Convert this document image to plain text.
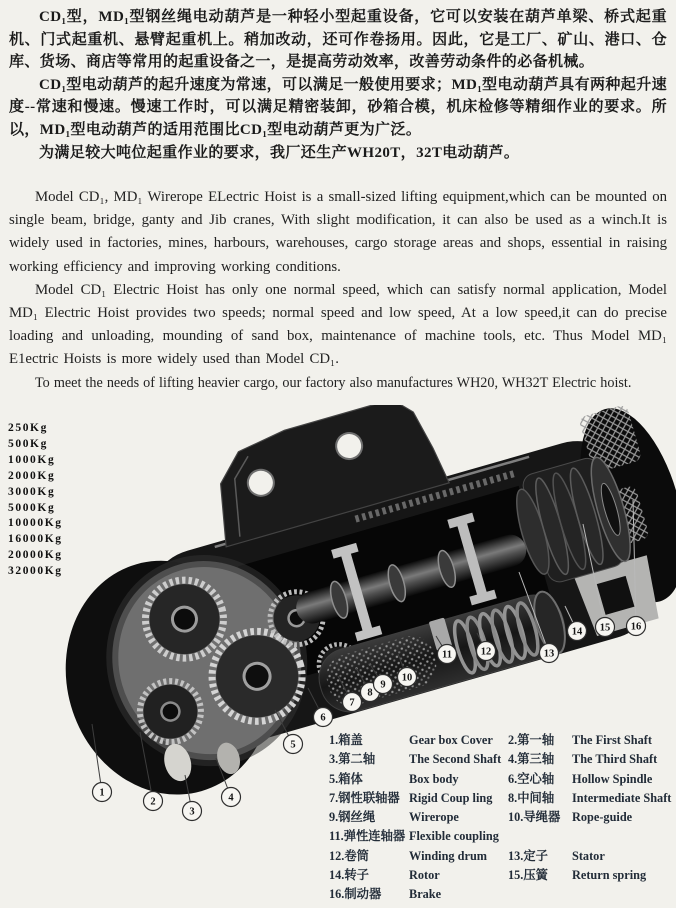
CD₁型，MD₁型钢丝绳电动葫芦是一种轻小型起重设备，它可以安装在葫芦单梁、桥式起重机、门式起重机、悬臂起重机上。稍加改动，还可作卷扬用。因此，它是工厂、矿山、港口、仓库、货场、商店等常用的起重设备之一，是提高劳动效率，改善劳动条件的必备机械。

CD₁型电动葫芦的起升速度为常速，可以满足一般使用要求；MD₁型电动葫芦具有两种起升速度--常速和慢速。慢速工作时，可以满足精密装卸，砂箱合模，机床检修等精细作业的要求。所以，MD₁型电动葫芦的适用范围比CD₁型电动葫芦更为广泛。

为满足较大吨位起重作业的要求，我厂还生产WH20T，32T电动葫芦。

Model CD₁, MD₁ Wirerope ELectric Hoist is a small-sized lifting equipment,which can be mounted on single beam, bridge, ganty and Jib cranes, With slight modification, it can also be used as a winch.It is widely used in factories, mines, harbours, warehouses, cargo storage areas and shops, essential in raising working efficiency and improving working conditions.

Model CD₁ Electric Hoist has only one normal speed, which can satisfy normal application, Model MD₁ Electric Hoist provides two speeds; normal speed and low speed, At a low speed,it can do precise loading and unloading, mounding of sand box, maintenance of machine tools, etc. Thus Model MD₁ E1ectric Hoists is more widely used than Model CD₁.

To meet the needs of lifting heavier cargo, our factory also manufactures WH20, WH32T Electric hoist.

250Kg
500Kg
1000Kg
2000Kg
3000Kg
5000Kg
10000Kg
16000Kg
20000Kg
32000Kg
1
2
3
4
5
6
7
8
9
10
11	12	13
14 15 16
1.箱盖	Gear box Cover	2.第一轴	The First Shaft
3.第二轴	The Second Shaft 4.第三轴	The Third Shaft
5.箱体	Box body	6.空心轴	Hollow Spindle
7.钢性联轴器 Rigid Coup ling	8.中间轴	Intermediate Shaft
9.钢丝绳	Wirerope	10.导绳器 Rope-guide
11.弹性连轴器 Flexible coupling
12.卷筒	Winding drum	13.定子	Stator
14.转子	Rotor	15.压簧	Return spring
16.制动器	Brake
